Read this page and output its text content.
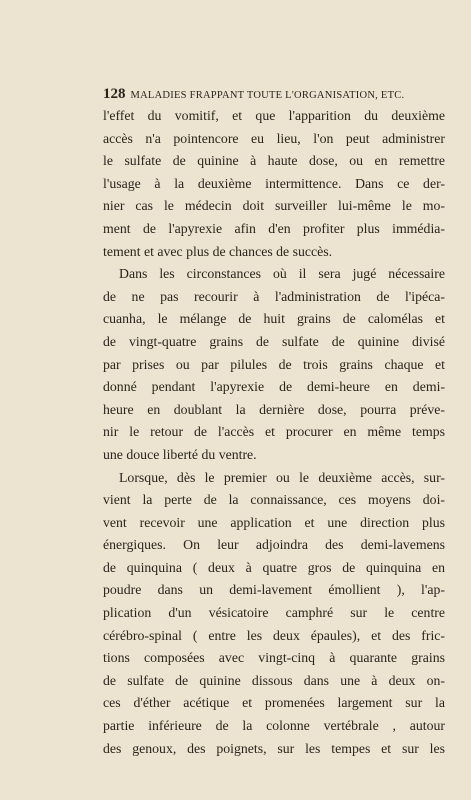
128 MALADIES FRAPPANT TOUTE L'ORGANISATION, ETC.
l'effet du vomitif, et que l'apparition du deuxième
accès n'a pointencore eu lieu, l'on peut administrer
le sulfate de quinine à haute dose, ou en remettre
l'usage à la deuxième intermittence. Dans ce der-
nier cas le médecin doit surveiller lui-même le mo-
ment de l'apyrexie afin d'en profiter plus immédia-
tement et avec plus de chances de succès.
Dans les circonstances où il sera jugé nécessaire
de ne pas recourir à l'administration de l'ipéca-
cuanha, le mélange de huit grains de calomélas et
de vingt-quatre grains de sulfate de quinine divisé
par prises ou par pilules de trois grains chaque et
donné pendant l'apyrexie de demi-heure en demi-
heure en doublant la dernière dose, pourra préve-
nir le retour de l'accès et procurer en même temps
une douce liberté du ventre.
Lorsque, dès le premier ou le deuxième accès, sur-
vient la perte de la connaissance, ces moyens doi-
vent recevoir une application et une direction plus
énergiques. On leur adjoindra des demi-lavemens
de quinquina ( deux à quatre gros de quinquina en
poudre dans un demi-lavement émollient ), l'ap-
plication d'un vésicatoire camphré sur le centre
cérébro-spinal ( entre les deux épaules), et des fric-
tions composées avec vingt-cinq à quarante grains
de sulfate de quinine dissous dans une à deux on-
ces d'éther acétique et promenées largement sur la
partie inférieure de la colonne vertébrale , autour
des genoux, des poignets, sur les tempes et sur les
